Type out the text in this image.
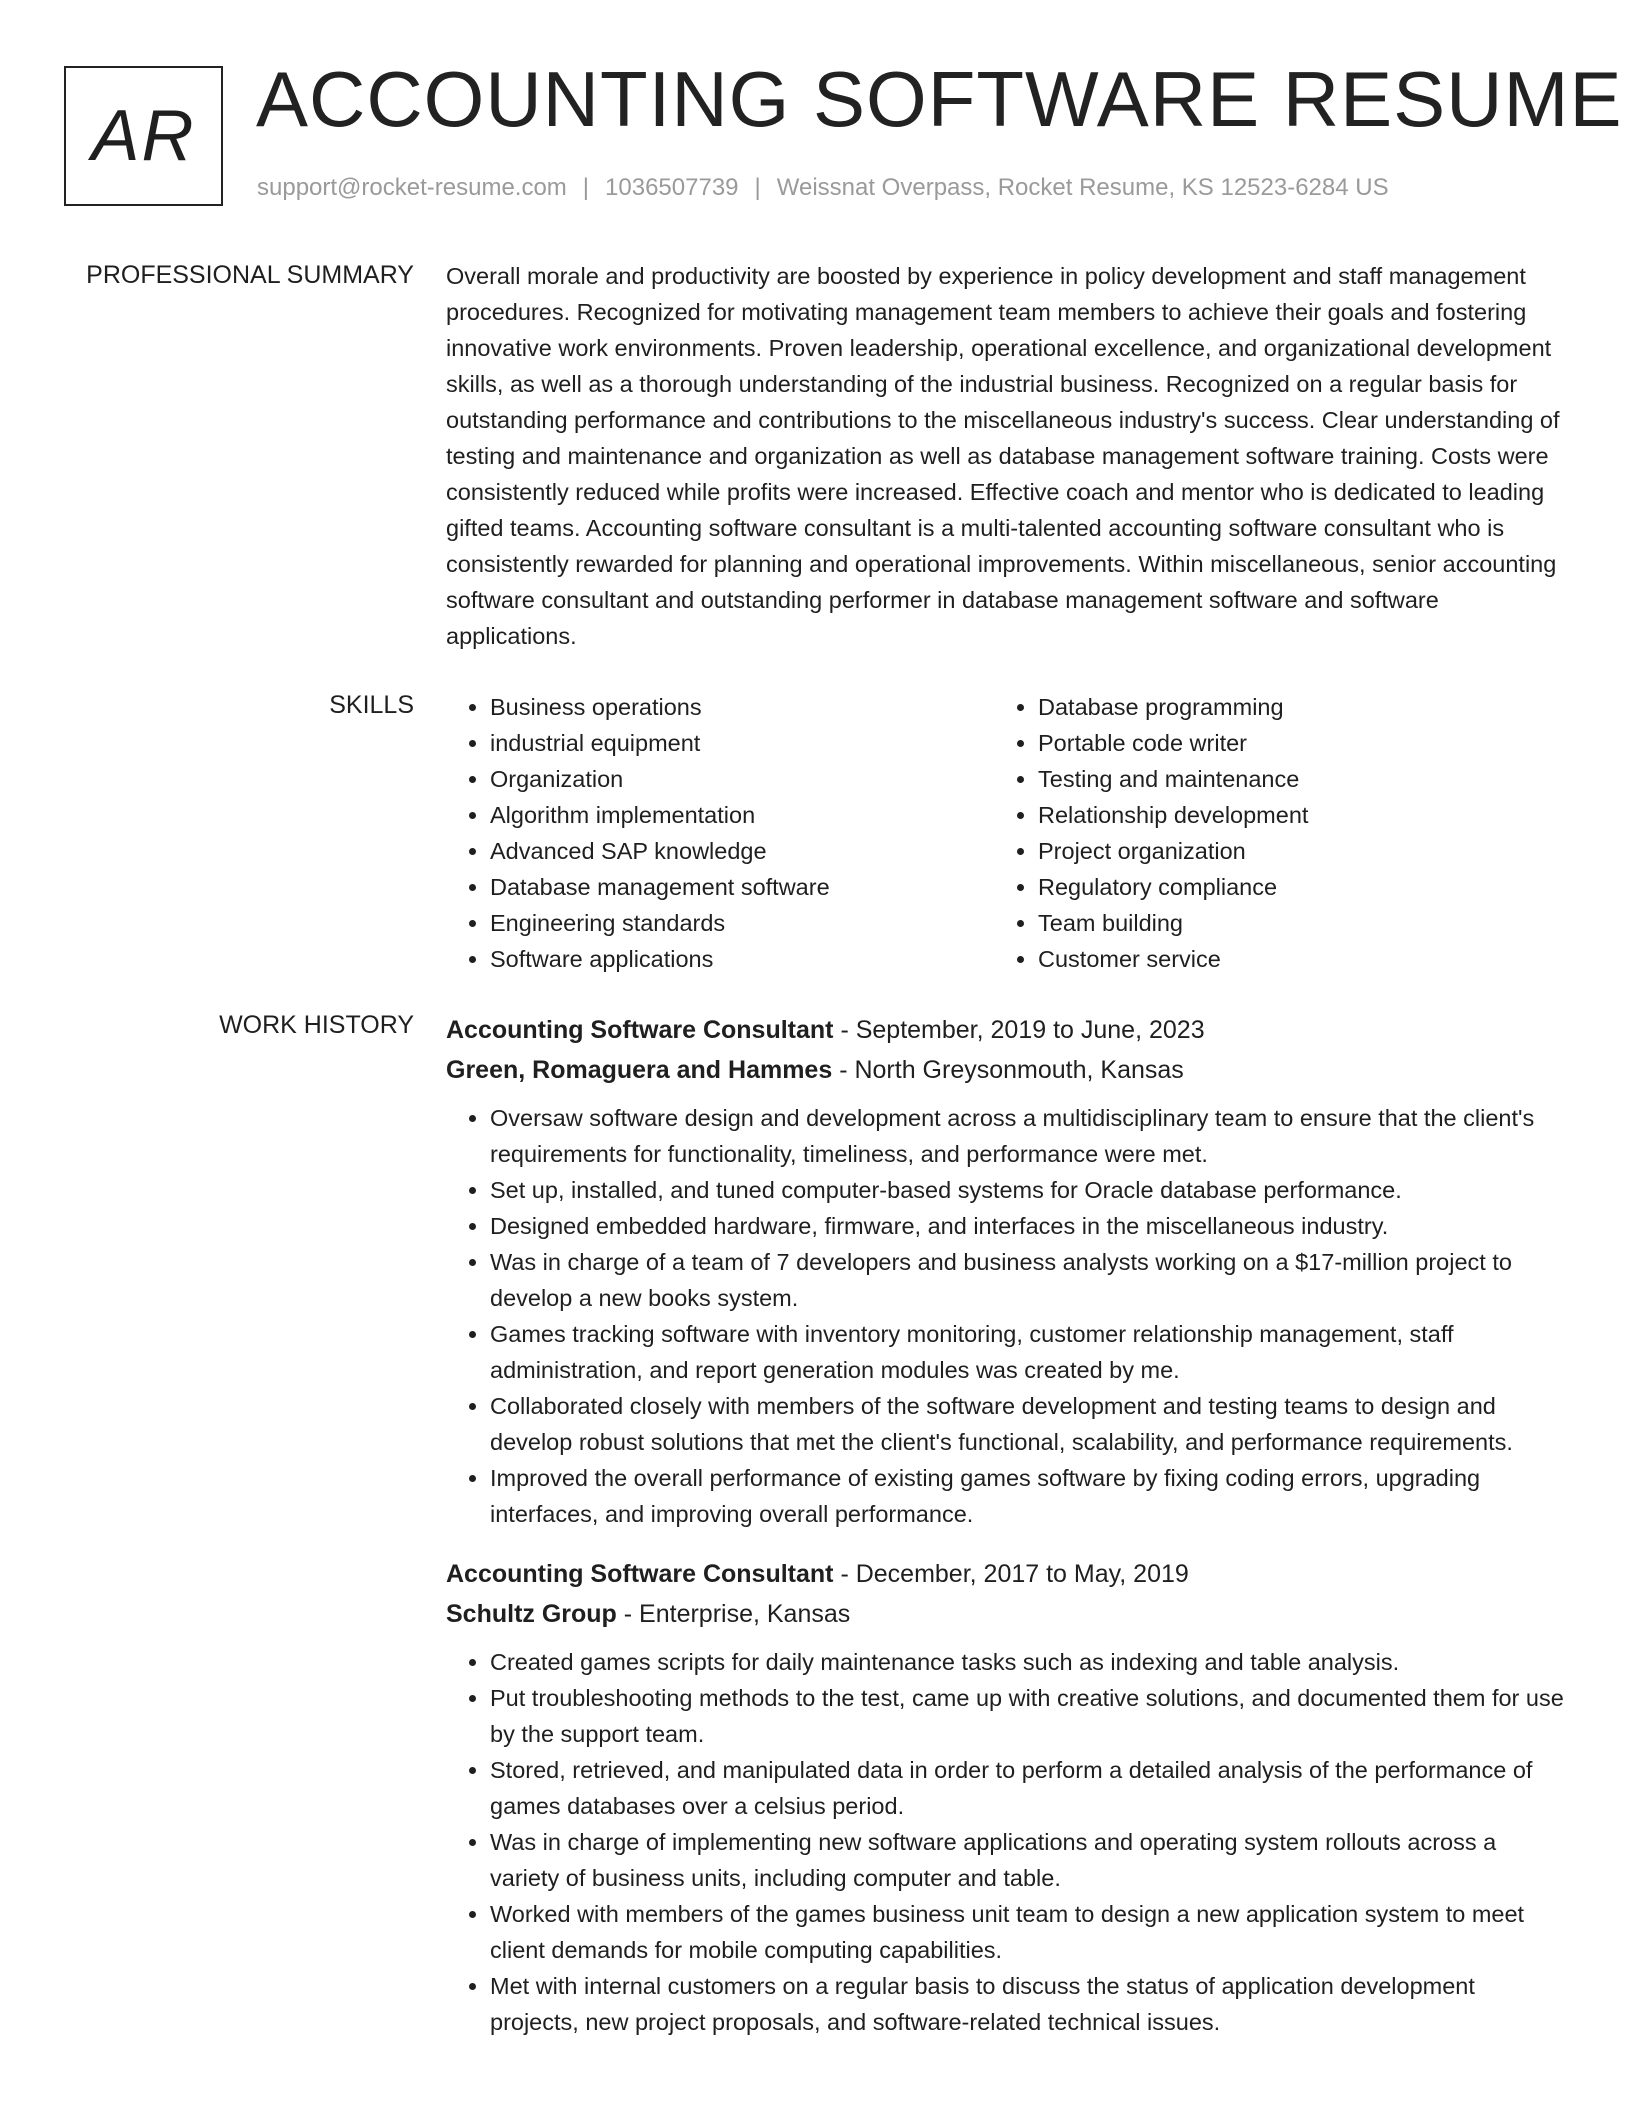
AR ACCOUNTING SOFTWARE RESUME
support@rocket-resume.com | 1036507739 | Weissnat Overpass, Rocket Resume, KS 12523-6284 US
PROFESSIONAL SUMMARY Overall morale and productivity are boosted by experience in policy development and staff management procedures. Recognized for motivating management team members to achieve their goals and fostering innovative work environments. Proven leadership, operational excellence, and organizational development skills, as well as a thorough understanding of the industrial business. Recognized on a regular basis for outstanding performance and contributions to the miscellaneous industry's success. Clear understanding of testing and maintenance and organization as well as database management software training. Costs were consistently reduced while profits were increased. Effective coach and mentor who is dedicated to leading gifted teams. Accounting software consultant is a multi-talented accounting software consultant who is consistently rewarded for planning and operational improvements. Within miscellaneous, senior accounting software consultant and outstanding performer in database management software and software applications.

SKILLS
•	Business operations
• industrial equipment
• Organization
• Algorithm implementation
• Advanced SAP knowledge
• Database management software
• Engineering standards
• Software applications
• Database programming
• Portable code writer
• Testing and maintenance
• Relationship development
• Project organization
• Regulatory compliance
• Team building
• Customer service
WORK HISTORY Accounting Software Consultant - September, 2019 to June, 2023
Green, Romaguera and Hammes - North Greysonmouth, Kansas
• Oversaw software design and development across a multidisciplinary team to ensure that the client's requirements for functionality, timeliness, and performance were met.
• Set up, installed, and tuned computer-based systems for Oracle database performance.
• Designed embedded hardware, firmware, and interfaces in the miscellaneous industry.
• Was in charge of a team of 7 developers and business analysts working on a $17-million project to develop a new books system.
• Games tracking software with inventory monitoring, customer relationship management, staff administration, and report generation modules was created by me.
• Collaborated closely with members of the software development and testing teams to design and develop robust solutions that met the client's functional, scalability, and performance requirements.
• Improved the overall performance of existing games software by fixing coding errors, upgrading interfaces, and improving overall performance.
Accounting Software Consultant - December, 2017 to May, 2019
Schultz Group - Enterprise, Kansas
• Created games scripts for daily maintenance tasks such as indexing and table analysis.
• Put troubleshooting methods to the test, came up with creative solutions, and documented them for use by the support team.
• Stored, retrieved, and manipulated data in order to perform a detailed analysis of the performance of games databases over a celsius period.
• Was in charge of implementing new software applications and operating system rollouts across a variety of business units, including computer and table.
• Worked with members of the games business unit team to design a new application system to meet client demands for mobile computing capabilities.
• Met with internal customers on a regular basis to discuss the status of application development projects, new project proposals, and software-related technical issues.
